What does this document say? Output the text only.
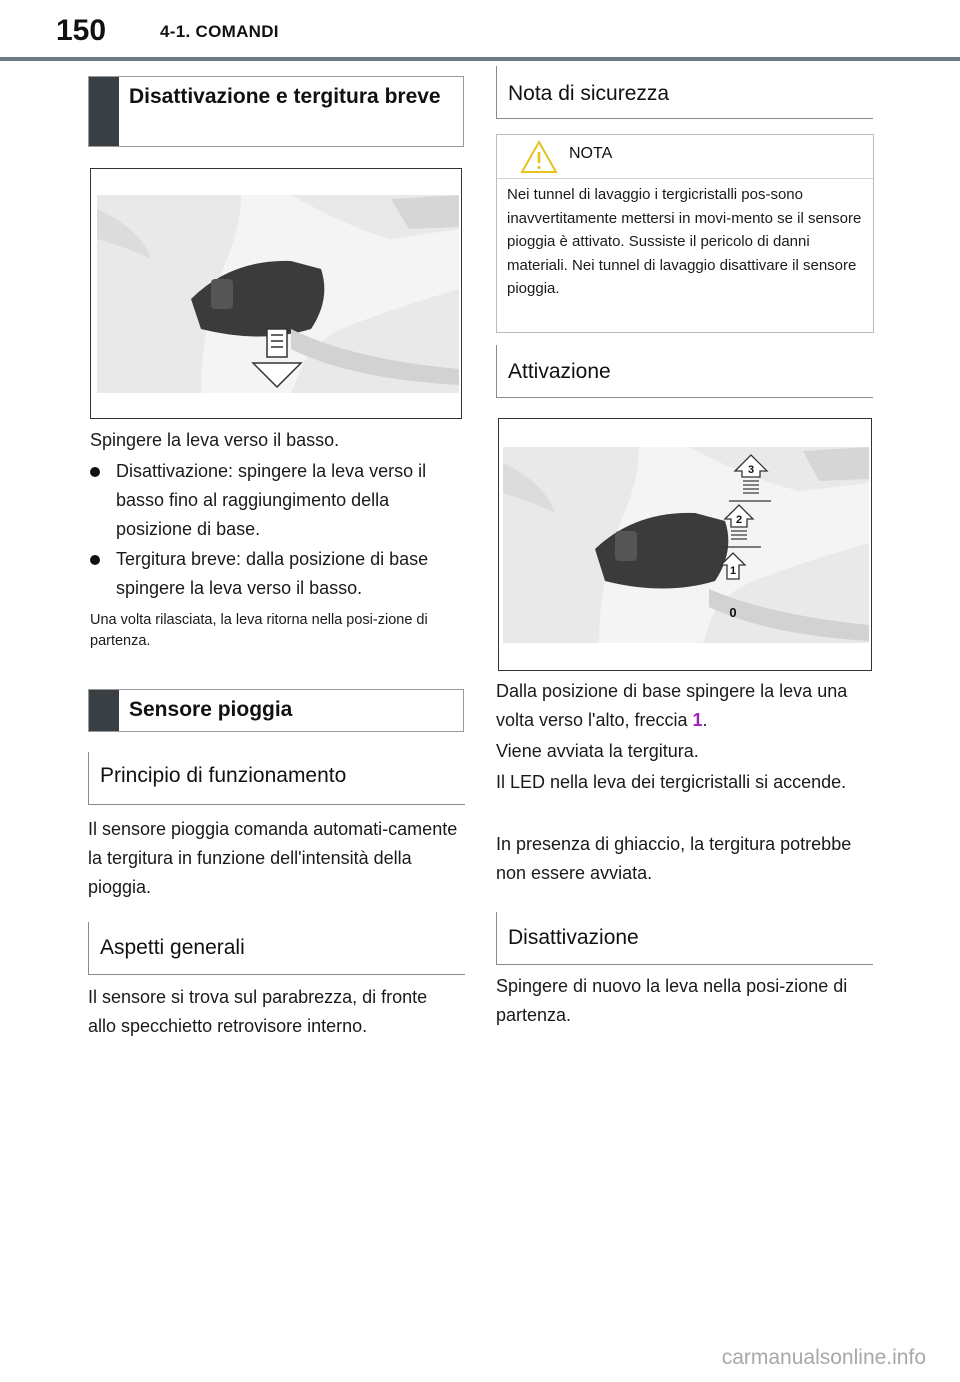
150	4-1. COMANDI
Disattivazione e tergitura breve
Spingere la leva verso il basso.
Disattivazione: spingere la leva verso il basso fino al raggiungimento della posizione di base.
Tergitura breve: dalla posizione di base spingere la leva verso il basso.
Una volta rilasciata, la leva ritorna nella posi-zione di partenza.
Sensore pioggia
Principio di funzionamento
Il sensore pioggia comanda automati-camente la tergitura in funzione dell'intensità della pioggia.
Aspetti generali
Il sensore si trova sul parabrezza, di fronte allo specchietto retrovisore interno.
Nota di sicurezza
NOTA
Nei tunnel di lavaggio i tergicristalli pos-sono inavvertitamente mettersi in movi-mento se il sensore pioggia è attivato. Sussiste il pericolo di danni materiali. Nei tunnel di lavaggio disattivare il sensore pioggia.
Attivazione
3
2
1
0
Dalla posizione di base spingere la leva una volta verso l'alto, freccia 1.
Viene avviata la tergitura.
Il LED nella leva dei tergicristalli si accende.
In presenza di ghiaccio, la tergitura potrebbe non essere avviata.
Disattivazione
Spingere di nuovo la leva nella posi-zione di partenza.
carmanualsonline.info
